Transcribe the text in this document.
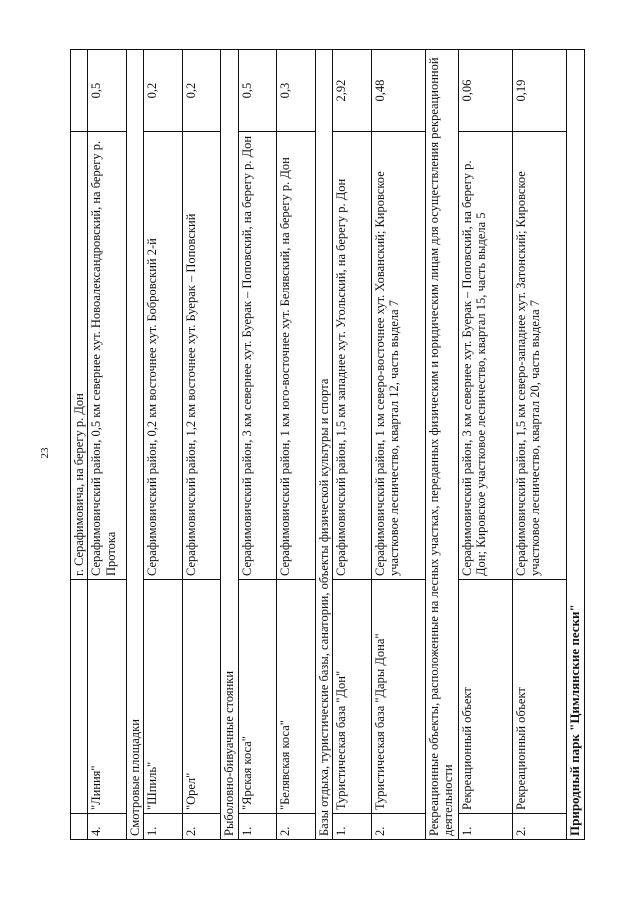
23
		г. Серафимовича, на берегу р. Дон	
4.	"Линия"	Серафимовичский район, 0,5 км севернее хут. Новоалександровский, на берегу р. Протока	0,5
Смотровые площадки			
1.	"Шпиль"	Серафимовичский район, 0,2 км восточнее хут. Бобровский 2-й	0,2
2.	"Орел"	Серафимовичский район, 1,2 км восточнее хут. Буерак – Поповский	0,2
Рыболовно-бивуачные стоянки			
1.	"Ярская коса"	Серафимовичский район, 3 км севернее хут. Буерак – Поповский, на берегу р. Дон	0,5
2.	"Белявская коса"	Серафимовичский район, 1 км юго-восточнее хут. Белявский, на берегу р. Дон	0,3
Базы отдыха, туристические базы, санатории, объекты физической культуры и спорта			
1.	Туристическая база "Дон"	Серафимовичский район, 1,5 км западнее хут. Угольский, на берегу р. Дон	2,92
2.	Туристическая база "Дары Дона"	Серафимовичский район, 1 км северо-восточнее хут. Хованский; Кировское участковое лесничество, квартал 12, часть выдела 7	0,48
Рекреационные объекты, расположенные на лесных участках, переданных физическим и юридическим лицам для осуществления рекреационной деятельности			
1.	Рекреационный объект	Серафимовичский район, 3 км севернее хут. Буерак – Поповский, на берегу р. Дон; Кировское участковое лесничество, квартал 15, часть выдела 5	0,06
2.	Рекреационный объект	Серафимовичский район, 1,5 км северо-западнее хут. Затонский; Кировское участковое лесничество, квартал 20, часть выдела 7	0,19
Природный парк "Цимлянские пески"			
